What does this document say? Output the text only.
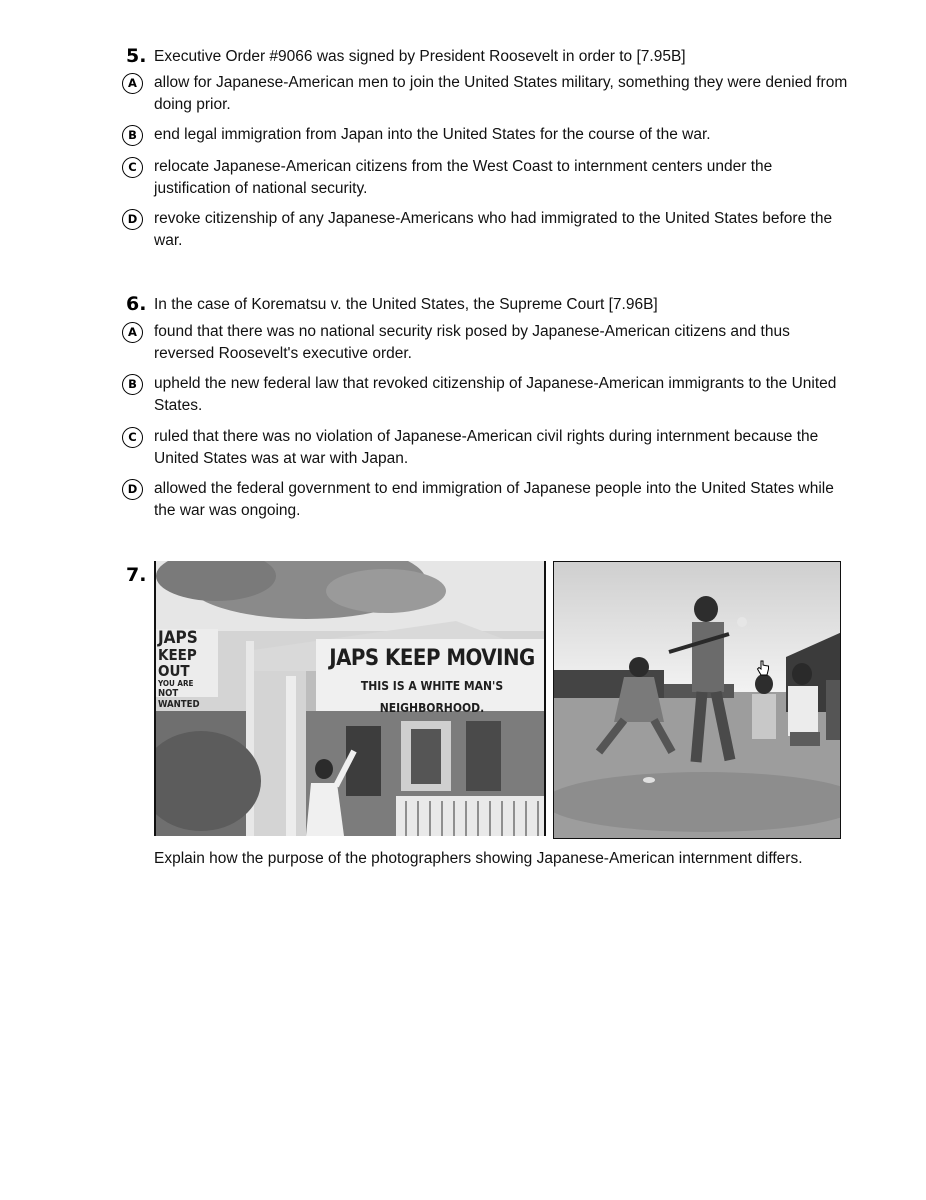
5. Executive Order #9066 was signed by President Roosevelt in order to [7.95B]
A	allow for Japanese-American men to join the United States military, something they were denied from doing prior.
B	end legal immigration from Japan into the United States for the course of the war.
C	relocate Japanese-American citizens from the West Coast to internment centers under the justification of national security.
D	revoke citizenship of any Japanese-Americans who had immigrated to the United States before the war.
6. In the case of Korematsu v. the United States, the Supreme Court [7.96B]
A	found that there was no national security risk posed by Japanese-American citizens and thus reversed Roosevelt's executive order.
B	upheld the new federal law that revoked citizenship of Japanese-American immigrants to the United States.
C	ruled that there was no violation of Japanese-American civil rights during internment because the United States was at war with Japan.
D	allowed the federal government to end immigration of Japanese people into the United States while the war was ongoing.
7.
JAPS
KEEP OUT
YOU ARE
NOT WANTED
JAPS KEEP MOVING
THIS IS A WHITE MAN'S NEIGHBORHOOD.
Explain how the purpose of the photographers showing Japanese-American internment differs.
